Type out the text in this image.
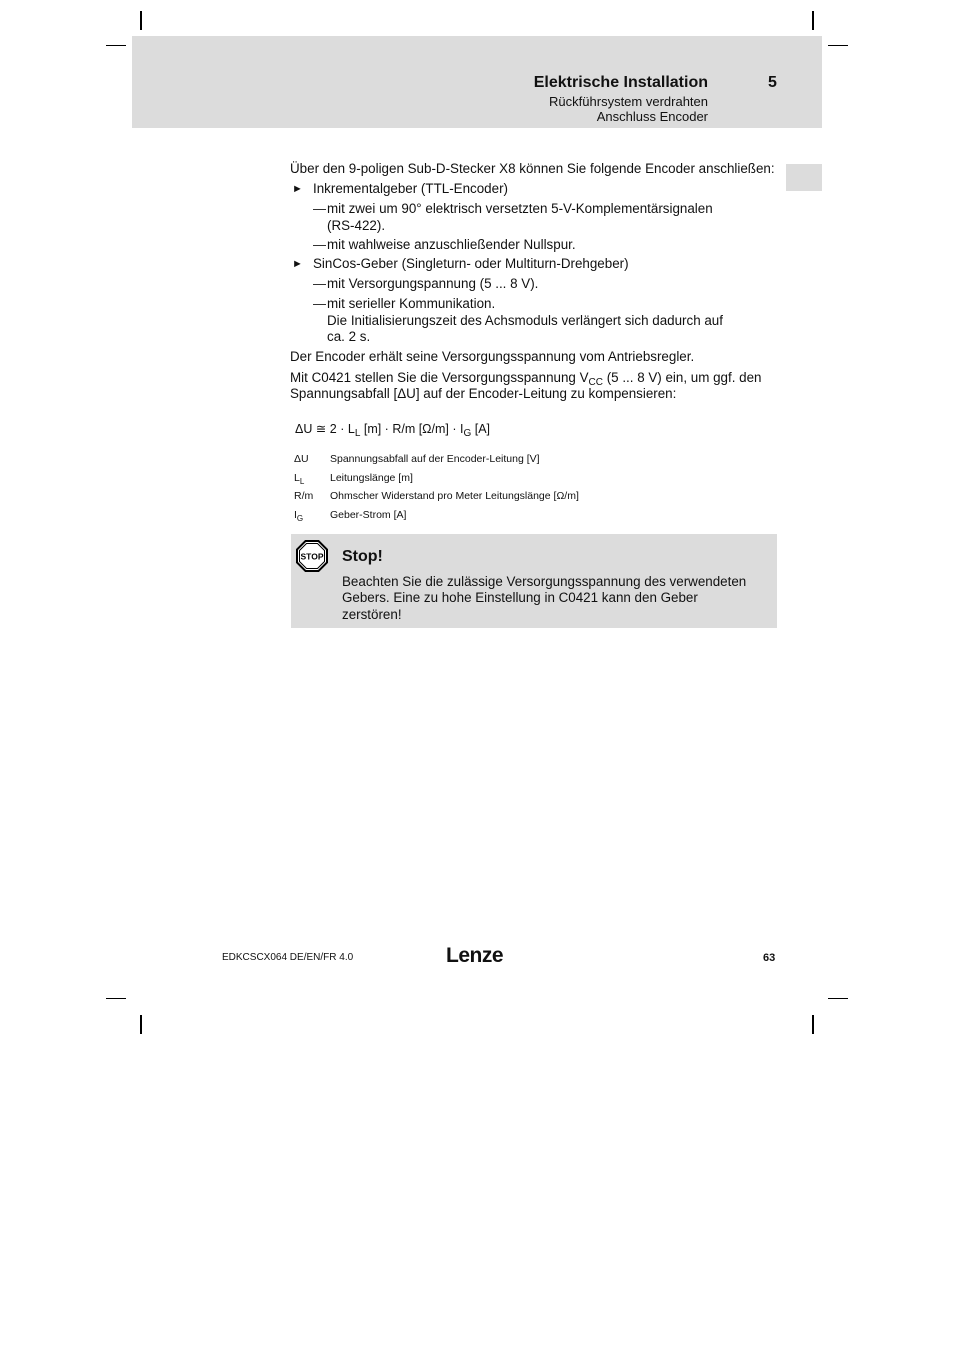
Elektrische Installation	5
Rückführsystem verdrahten
Anschluss Encoder
Über den 9-poligen Sub-D-Stecker X8 können Sie folgende Encoder anschließen:
► Inkrementalgeber (TTL-Encoder)
— mit zwei um 90° elektrisch versetzten 5-V-Komplementärsignalen
(RS-422).
— mit wahlweise anzuschließender Nullspur.
► SinCos-Geber (Singleturn- oder Multiturn-Drehgeber)
— mit Versorgungspannung (5 ... 8 V).
— mit serieller Kommunikation.
Die Initialisierungszeit des Achsmoduls verlängert sich dadurch auf
ca. 2 s.
Der Encoder erhält seine Versorgungsspannung vom Antriebsregler.
Mit C0421 stellen Sie die Versorgungsspannung $V_{CC}$ (5 ... 8 V) ein, um ggf. den
Spannungsabfall [ΔU] auf der Encoder-Leitung zu kompensieren:
ΔU ≅ $2 \cdot L_L$ [m] · R/m $[\Omega/m] \cdot I_G$ [A]
ΔU Spannungsabfall auf der Encoder-Leitung [V]
$L_L$ Leitungslänge [m]
R/m Ohmscher Widerstand pro Meter Leitungslänge [Ω/m]
$I_G$	Geber-Strom [A]
STOP Stop!
Beachten Sie die zulässige Versorgungsspannung des verwendeten
Gebers. Eine zu hohe Einstellung in C0421 kann den Geber
zerstören!
EDKCSCX064 DE/EN/FR 4.0	Lenze	63
